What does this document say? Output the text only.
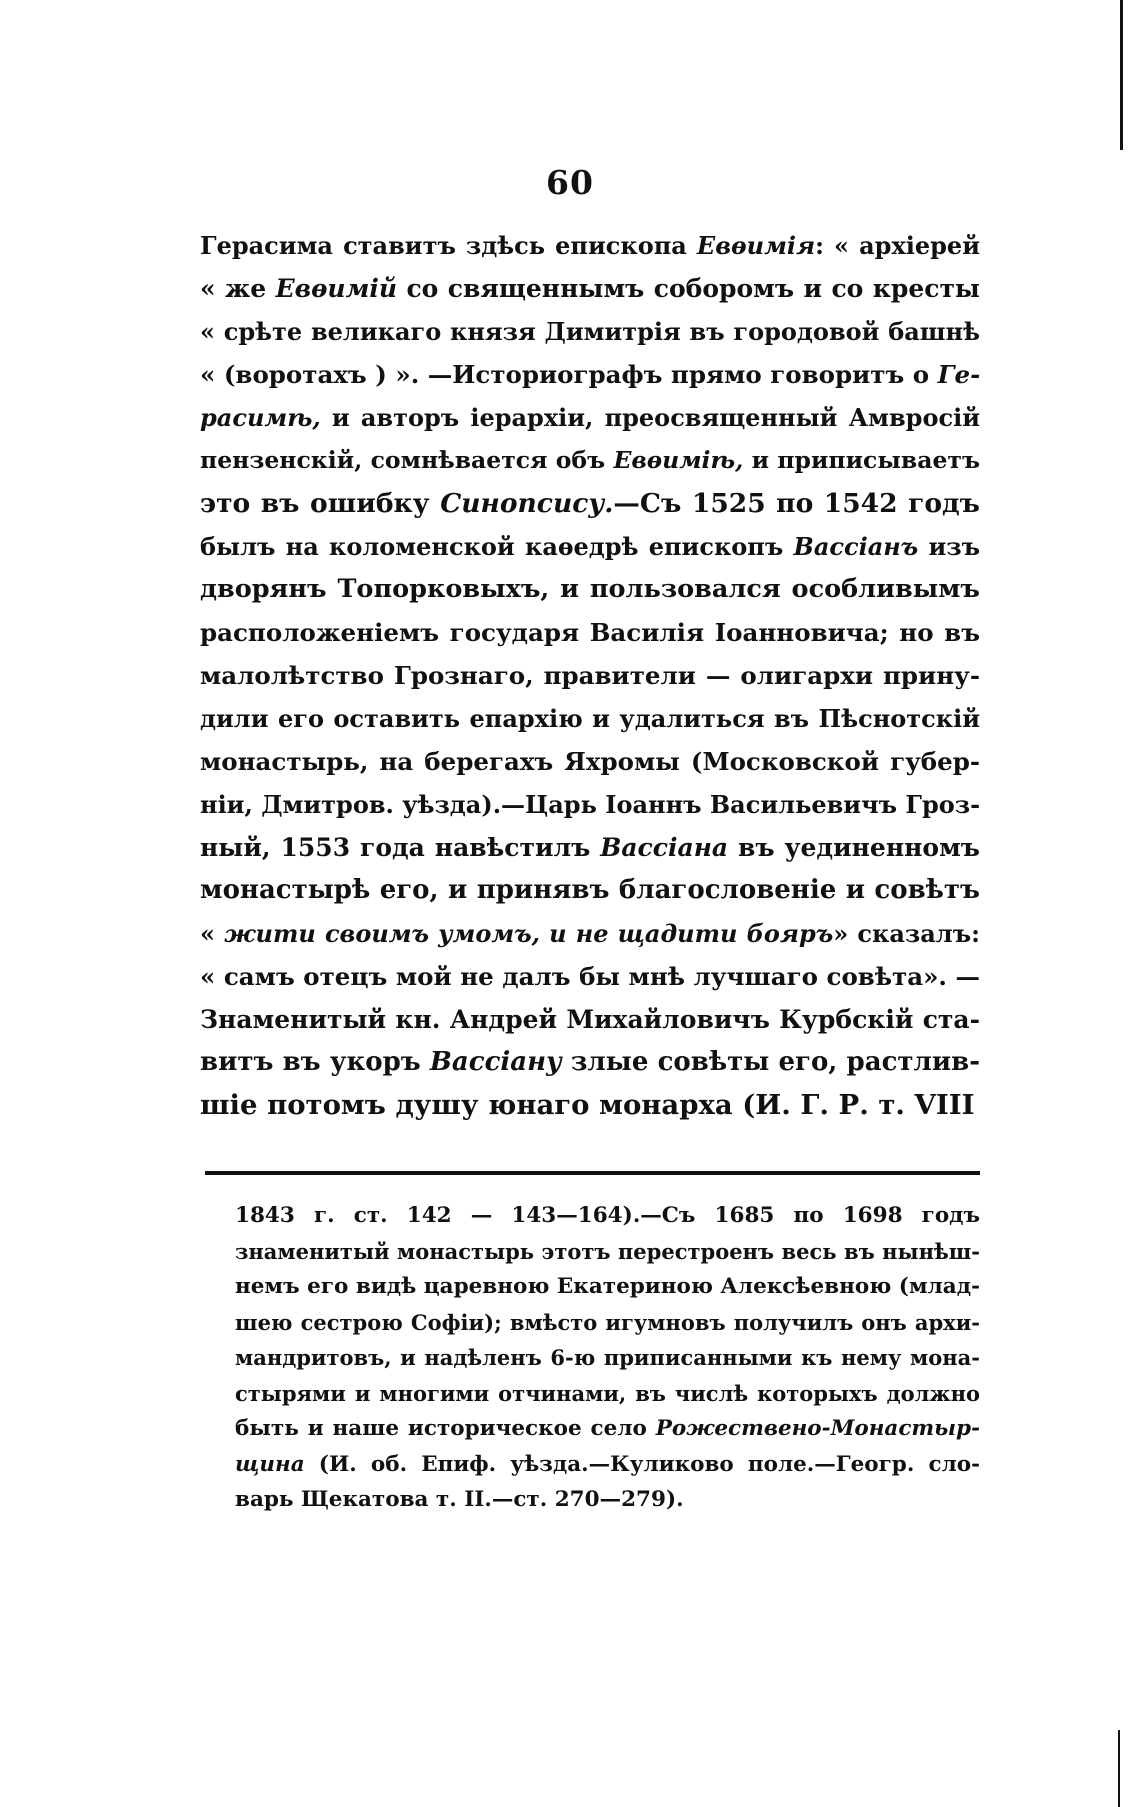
60
Герасима ставитъ здѣсь епископа Евѳимія: « архіерей
« же Евѳимій со священнымъ соборомъ и со кресты
« срѣте великаго князя Димитрія въ городовой башнѣ
« (воротахъ ) ». —Историографъ прямо говоритъ о Ге-
расимѣ, и авторъ іерархіи, преосвященный Амвросій
пензенскій, сомнѣвается объ Евѳиміѣ, и приписываетъ
это въ ошибку Синопсису.—Съ 1525 по 1542 годъ
былъ на коломенской каѳедрѣ епископъ Вассіанъ изъ
дворянъ Топорковыхъ, и пользовался особливымъ
расположеніемъ государя Василія Іоанновича; но въ
малолѣтство Грознаго, правители — олигархи прину-
дили его оставить епархію и удалиться въ Пѣснотскій
монастырь, на берегахъ Яхромы (Московской губер-
ніи, Дмитров. уѣзда).—Царь Іоаннъ Васильевичъ Гроз-
ный, 1553 года навѣстилъ Вассіана въ уединенномъ
монастырѣ его, и принявъ благословеніе и совѣтъ
« жити своимъ умомъ, и не щадити бояръ» сказалъ:
« самъ отецъ мой не далъ бы мнѣ лучшаго совѣта». —
Знаменитый кн. Андрей Михайловичъ Курбскій ста-
витъ въ укоръ Вассіану злые совѣты его, растлив-
шіе потомъ душу юнаго монарха (И. Г. Р. т. VIII
1843 г. ст. 142 — 143—164).—Съ 1685 по 1698 годъ
знаменитый монастырь этотъ перестроенъ весь въ нынѣш-
немъ его видѣ царевною Екатериною Алексѣевною (млад-
шею сестрою Софіи); вмѣсто игумновъ получилъ онъ архи-
мандритовъ, и надѣленъ 6-ю приписанными къ нему мона-
стырями и многими отчинами, въ числѣ которыхъ должно
быть и наше историческое село Рожествено-Монастыр-
щина (И. об. Епиф. уѣзда.—Куликово поле.—Геогр. сло-
варь Щекатова т. II.—ст. 270—279).
